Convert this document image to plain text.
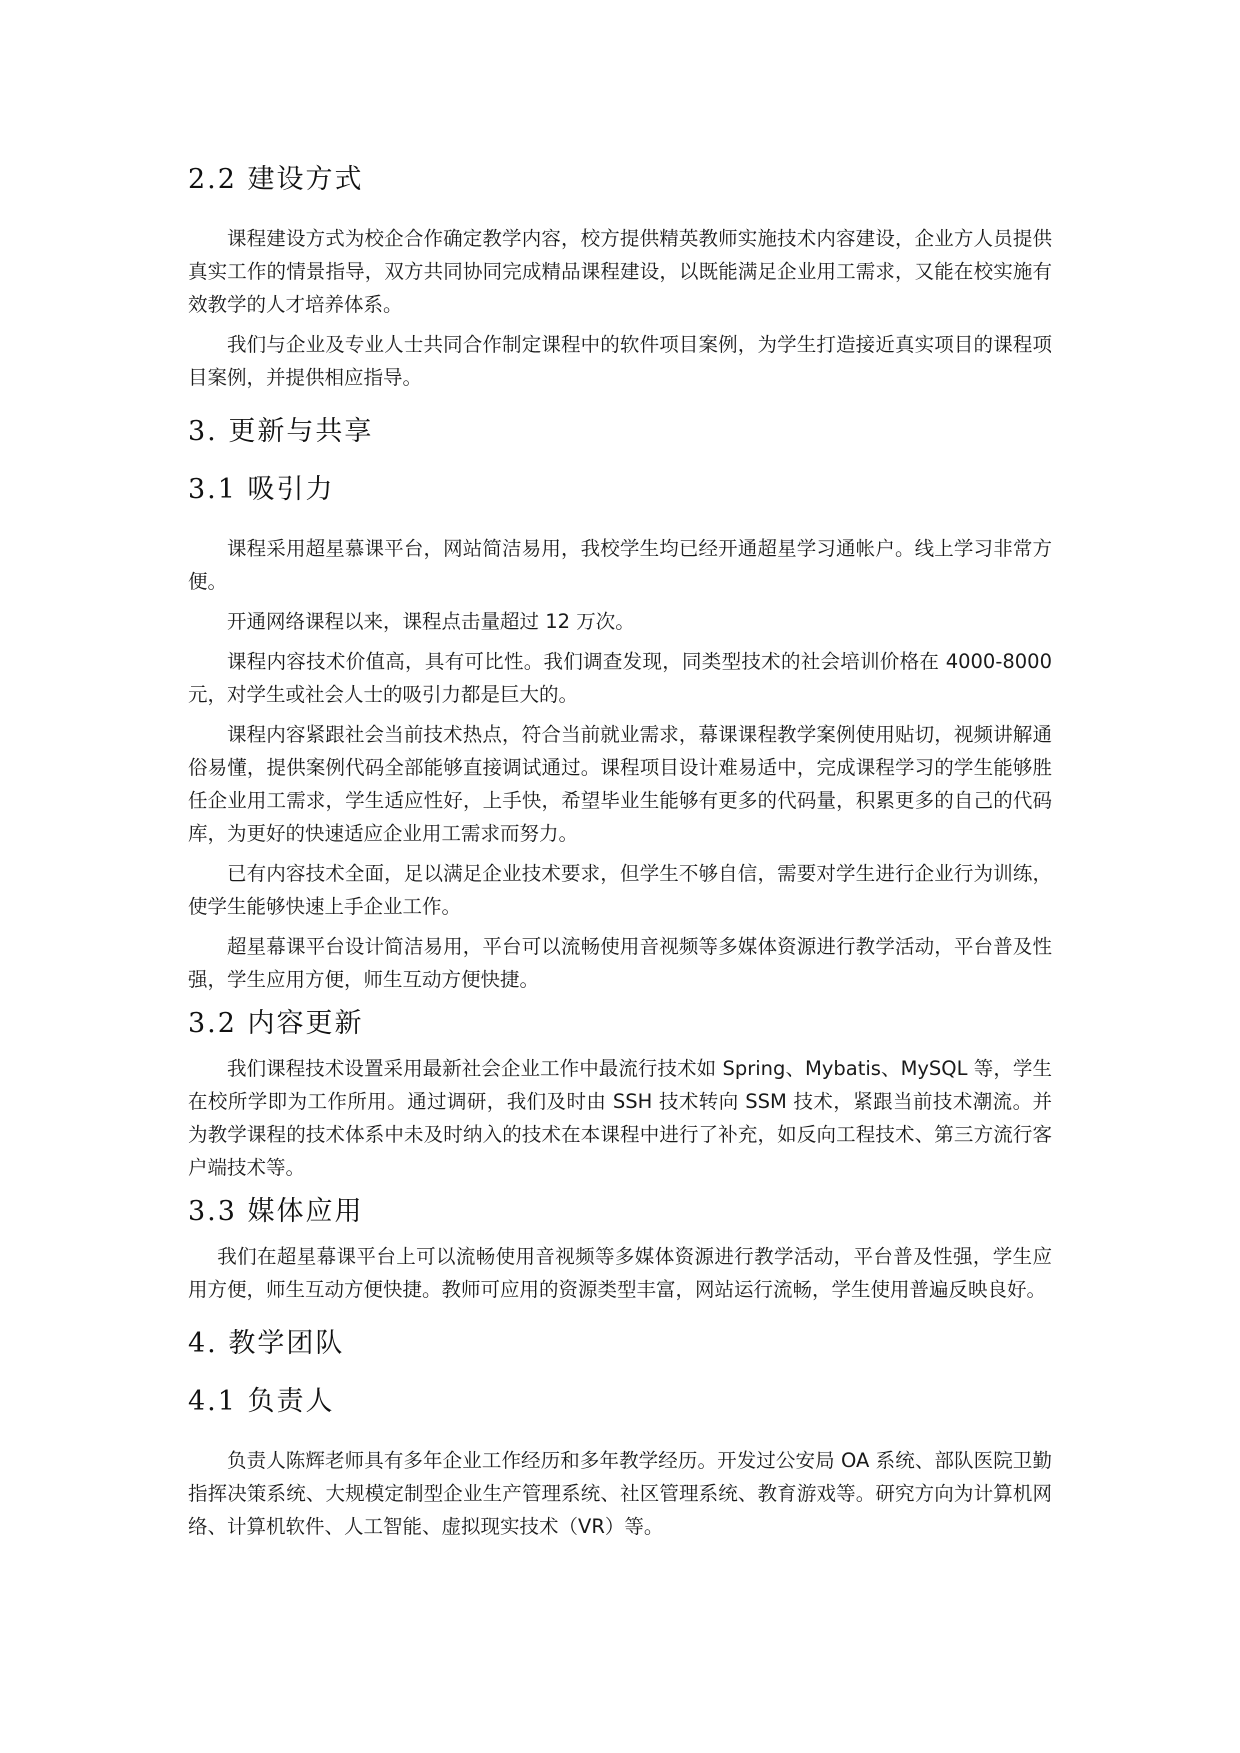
2.2 建设方式

课程建设方式为校企合作确定教学内容，校方提供精英教师实施技术内容建设，企业方人员提供真实工作的情景指导，双方共同协同完成精品课程建设，以既能满足企业用工需求，又能在校实施有效教学的人才培养体系。

我们与企业及专业人士共同合作制定课程中的软件项目案例，为学生打造接近真实项目的课程项目案例，并提供相应指导。

3. 更新与共享
3.1 吸引力

课程采用超星慕课平台，网站简洁易用，我校学生均已经开通超星学习通帐户。线上学习非常方便。

开通网络课程以来，课程点击量超过 12 万次。

课程内容技术价值高，具有可比性。我们调查发现，同类型技术的社会培训价格在 4000-8000 元，对学生或社会人士的吸引力都是巨大的。

课程内容紧跟社会当前技术热点，符合当前就业需求，幕课课程教学案例使用贴切，视频讲解通俗易懂，提供案例代码全部能够直接调试通过。课程项目设计难易适中，完成课程学习的学生能够胜任企业用工需求，学生适应性好，上手快，希望毕业生能够有更多的代码量，积累更多的自己的代码库，为更好的快速适应企业用工需求而努力。

已有内容技术全面，足以满足企业技术要求，但学生不够自信，需要对学生进行企业行为训练，使学生能够快速上手企业工作。

超星幕课平台设计简洁易用，平台可以流畅使用音视频等多媒体资源进行教学活动，平台普及性强，学生应用方便，师生互动方便快捷。

3.2 内容更新

我们课程技术设置采用最新社会企业工作中最流行技术如 Spring、Mybatis、MySQL 等，学生在校所学即为工作所用。通过调研，我们及时由 SSH 技术转向 SSM 技术，紧跟当前技术潮流。并为教学课程的技术体系中未及时纳入的技术在本课程中进行了补充，如反向工程技术、第三方流行客户端技术等。

3.3 媒体应用

我们在超星幕课平台上可以流畅使用音视频等多媒体资源进行教学活动，平台普及性强，学生应用方便，师生互动方便快捷。教师可应用的资源类型丰富，网站运行流畅，学生使用普遍反映良好。

4. 教学团队
4.1 负责人

负责人陈辉老师具有多年企业工作经历和多年教学经历。开发过公安局 OA 系统、部队医院卫勤指挥决策系统、大规模定制型企业生产管理系统、社区管理系统、教育游戏等。研究方向为计算机网络、计算机软件、人工智能、虚拟现实技术（VR）等。
